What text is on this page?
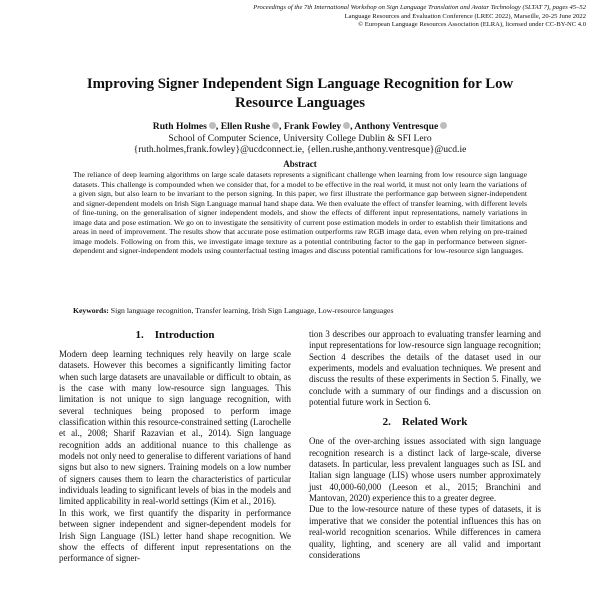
Proceedings of the 7th International Workshop on Sign Language Translation and Avatar Technology (SLTAT 7), pages 45–52
Language Resources and Evaluation Conference (LREC 2022), Marseille, 20-25 June 2022
© European Language Resources Association (ELRA), licensed under CC-BY-NC 4.0
Improving Signer Independent Sign Language Recognition for Low Resource Languages
Ruth Holmes , Ellen Rushe , Frank Fowley , Anthony Ventresque
School of Computer Science, University College Dublin & SFI Lero
{ruth.holmes,frank.fowley}@ucdconnect.ie, {ellen.rushe,anthony.ventresque}@ucd.ie
Abstract
The reliance of deep learning algorithms on large scale datasets represents a significant challenge when learning from low resource sign language datasets. This challenge is compounded when we consider that, for a model to be effective in the real world, it must not only learn the variations of a given sign, but also learn to be invariant to the person signing. In this paper, we first illustrate the performance gap between signer-independent and signer-dependent models on Irish Sign Language manual hand shape data. We then evaluate the effect of transfer learning, with different levels of fine-tuning, on the generalisation of signer independent models, and show the effects of different input representations, namely variations in image data and pose estimation. We go on to investigate the sensitivity of current pose estimation models in order to establish their limitations and areas in need of improvement. The results show that accurate pose estimation outperforms raw RGB image data, even when relying on pre-trained image models. Following on from this, we investigate image texture as a potential contributing factor to the gap in performance between signer-dependent and signer-independent models using counterfactual testing images and discuss potential ramifications for low-resource sign languages.
Keywords: Sign language recognition, Transfer learning, Irish Sign Language, Low-resource languages
1. Introduction

Modern deep learning techniques rely heavily on large scale datasets. However this becomes a significantly limiting factor when such large datasets are unavailable or difficult to obtain, as is the case with many low-resource sign languages. This limitation is not unique to sign language recognition, with several techniques being proposed to perform image classification within this resource-constrained setting (Larochelle et al., 2008; Sharif Razavian et al., 2014). Sign language recognition adds an additional nuance to this challenge as models not only need to generalise to different variations of hand signs but also to new signers. Training models on a low number of signers causes them to learn the characteristics of particular individuals leading to significant levels of bias in the models and limited applicability in real-world settings (Kim et al., 2016).

In this work, we first quantify the disparity in performance between signer independent and signer-dependent models for Irish Sign Language (ISL) letter hand shape recognition. We show the effects of different input representations on the performance of signer-

tion 3 describes our approach to evaluating transfer learning and input representations for low-resource sign language recognition; Section 4 describes the details of the dataset used in our experiments, models and evaluation techniques. We present and discuss the results of these experiments in Section 5. Finally, we conclude with a summary of our findings and a discussion on potential future work in Section 6.

2. Related Work

One of the over-arching issues associated with sign language recognition research is a distinct lack of large-scale, diverse datasets. In particular, less prevalent languages such as ISL and Italian sign language (LIS) whose users number approximately just 40,000-60,000 (Leeson et al., 2015; Branchini and Mantovan, 2020) experience this to a greater degree.

Due to the low-resource nature of these types of datasets, it is imperative that we consider the potential influences this has on real-world recognition scenarios. While differences in camera quality, lighting, and scenery are all valid and important considerations
